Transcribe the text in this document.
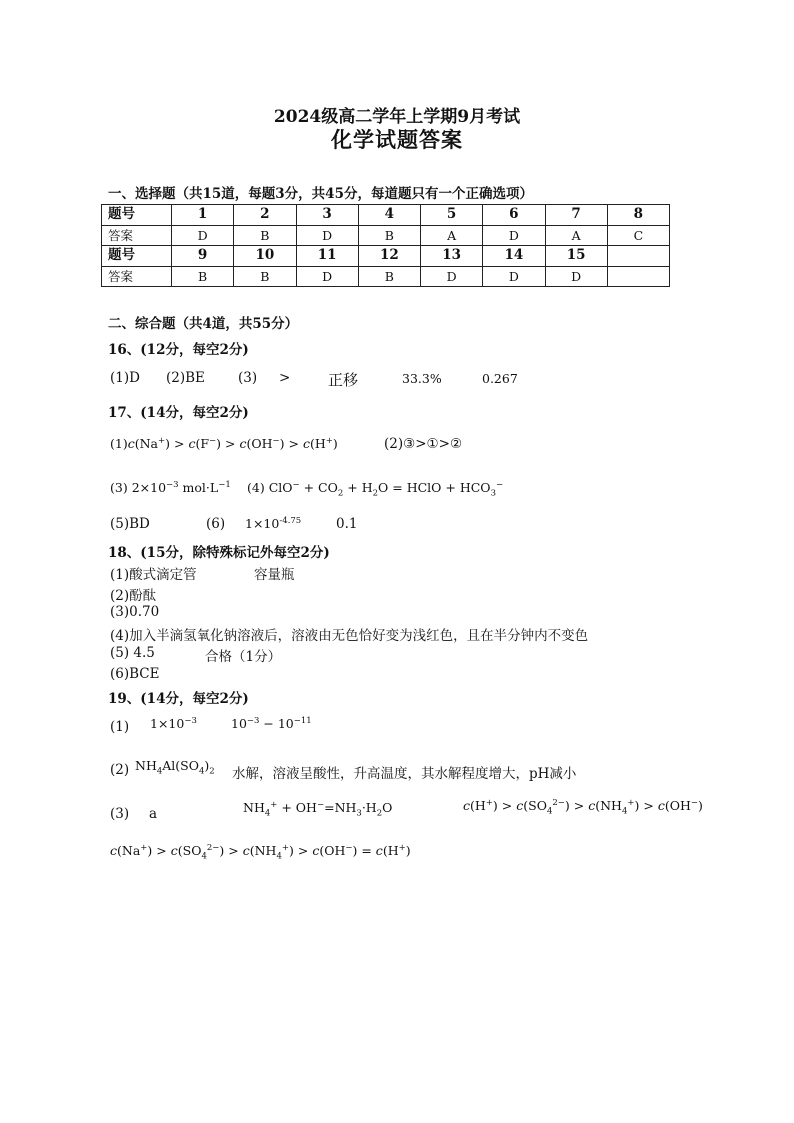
2024级高二学年上学期9月考试
化学试题答案
一、选择题（共15道，每题3分，共45分，每道题只有一个正确选项）
题号	1	2	3	4	5	6	7	8
答案	D	B	D	B	A	D	A	C
题号	9	10	11	12	13	14	15	
答案	B	B	D	B	D	D	D	
二、综合题（共4道，共55分）
16、(12分，每空2分)
(1)D (2)BE (3) >	正移	33.3%	0.267
17、(14分，每空2分)
(1)c(Na+) > c(F−) > c(OH−) > c(H+)	(2)③>①>②
(3) $2\times 10^{-3}$ $mol\cdot L^{-1}$ (4) $ClO^- + CO_2 + H_2O$ = HClO + $HCO_3^-$
(5)BD	(6) $1\times 10^{-4.75}$	0.1
18、(15分，除特殊标记外每空2分)
(1)酸式滴定管	容量瓶
(2)酚酞
(3)0.70
(4)加入半滴氢氧化钠溶液后，溶液由无色恰好变为浅红色，且在半分钟内不变色
(5) 4.5	合格（1分）
(6)BCE
19、(14分，每空2分)
(1) $1\times 10^{-3}$	$10^{-3} - 10^{-11}$
(2) $NH_4Al(SO_4)_2$ 水解，溶液呈酸性，升高温度，其水解程度增大，pH减小
(3) a	$NH_4^+ + OH^-=NH_3\cdot H_2O$	$c(H^+) > c(SO_4^{2-}) > c(NH_4^+) > c(OH^-)$
$c(Na^+) > c(SO_4^{2-}) > c(NH_4^+) > c(OH^-) = c(H^+)$
